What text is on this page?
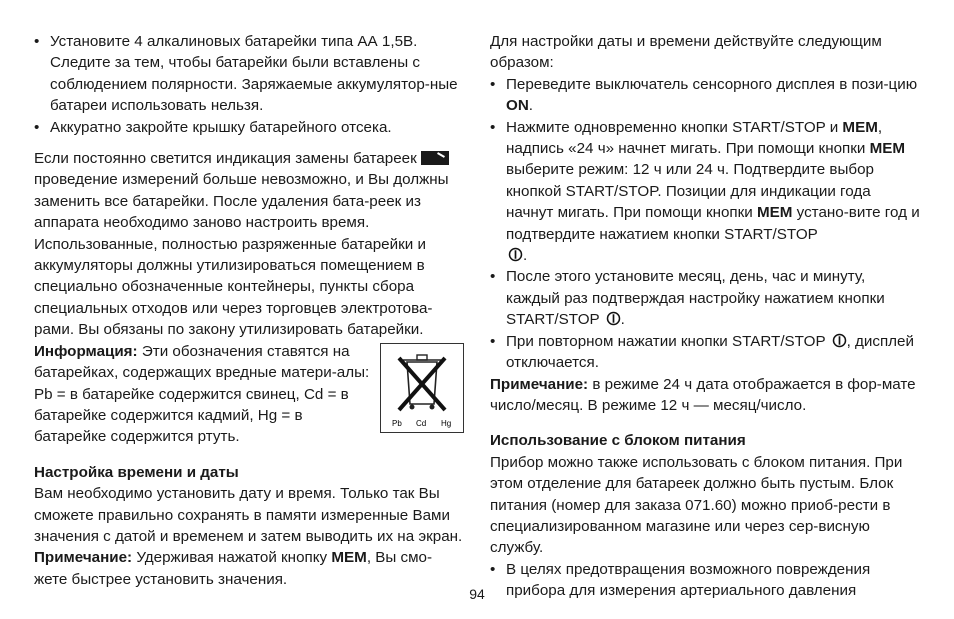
• Установите 4 алкалиновых батарейки типа АА 1,5В. Следите за тем, чтобы батарейки были вставлены с соблюдением полярности. Заряжаемые аккумулятор-ные батареи использовать нельзя.

• Аккуратно закройте крышку батарейного отсека.

Если постоянно светится индикация замены батареек  проведение измерений больше невозможно, и Вы должны заменить все батарейки. После удаления бата-реек из аппарата необходимо заново настроить время. Использованные, полностью разряженные батарейки и аккумуляторы должны утилизироваться помещением в специально обозначенные контейнеры, пункты сбора специальных отходов или через торговцев электротова-рами. Вы обязаны по закону утилизировать батарейки.

Информация: Эти обозначения ставятся на батарейках, содержащих вредные матери-алы: Pb = в батарейке содержится свинец, Cd = в батарейке содержится кадмий, Hg = в батарейке содержится ртуть.

Pb Cd Hg

Настройка времени и даты

Вам необходимо установить дату и время. Только так Вы сможете правильно сохранять в памяти измеренные Вами значения с датой и временем и затем выводить их на экран.

Примечание: Удерживая нажатой кнопку MEM, Вы смо-жете быстрее установить значения.

Для настройки даты и времени действуйте следующим образом:

• Переведите выключатель сенсорного дисплея в пози-цию ON.

• Нажмите одновременно кнопки START/STOP и MEM, надпись «24 ч» начнет мигать. При помощи кнопки MEM выберите режим: 12 ч или 24 ч. Подтвердите выбор кнопкой START/STOP. Позиции для индикации года начнут мигать. При помощи кнопки MEM устано-вите год и подтвердите нажатием кнопки START/STOP
.

• После этого установите месяц, день, час и минуту, каждый раз подтверждая настройку нажатием кнопки START/STOP .

• При повторном нажатии кнопки START/STOP , дисплей отключается.

Примечание: в режиме 24 ч дата отображается в фор-мате число/месяц. В режиме 12 ч — месяц/число.

Использование с блоком питания

Прибор можно также использовать с блоком питания. При этом отделение для батареек должно быть пустым. Блок питания (номер для заказа 071.60) можно приоб-рести в специализированном магазине или через сер-висную службу.

• В целях предотвращения возможного повреждения прибора для измерения артериального давления

94
